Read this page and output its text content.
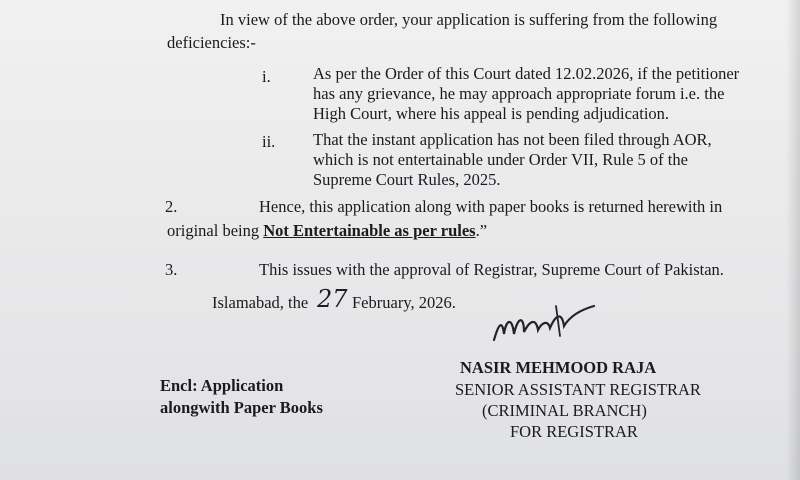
In view of the above order, your application is suffering from the following
deficiencies:-
i.	As per the Order of this Court dated 12.02.2026, if the petitioner
has any grievance, he may approach appropriate forum i.e. the
High Court, where his appeal is pending adjudication.
ii. That the instant application has not been filed through AOR,
which is not entertainable under Order VII, Rule 5 of the
Supreme Court Rules, 2025.
2.	Hence, this application along with paper books is returned herewith in
original being Not Entertainable as per rules.”
3.	This issues with the approval of Registrar, Supreme Court of Pakistan.
Islamabad, the 27 February, 2026.
NASIR MEHMOOD RAJA
SENIOR ASSISTANT REGISTRAR
(CRIMINAL BRANCH)
FOR REGISTRAR
Encl: Application
alongwith Paper Books
